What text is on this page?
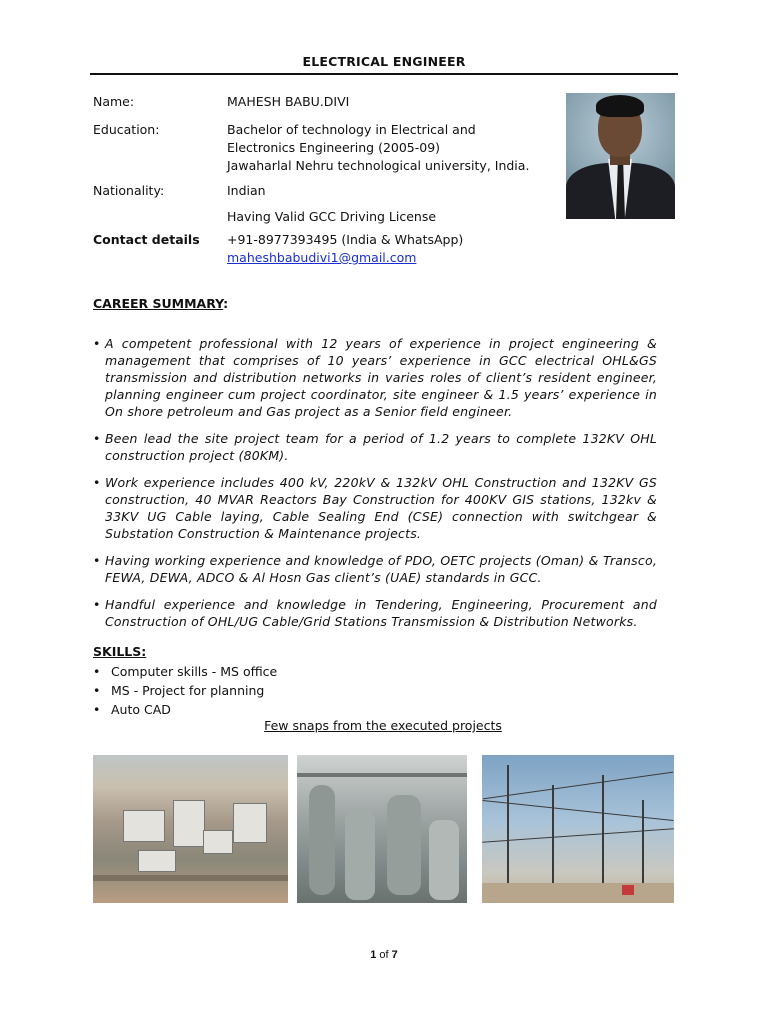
ELECTRICAL ENGINEER
Name:	MAHESH BABU.DIVI
Education:	Bachelor of technology in Electrical and
Electronics Engineering (2005-09)
Jawaharlal Nehru technological university, India.
Nationality:	Indian
Having Valid GCC Driving License
Contact details	+91-8977393495 (India & WhatsApp)
maheshbabudivi1@gmail.com
CAREER SUMMARY:
• A competent professional with 12 years of experience in project engineering & management that comprises of 10 years’ experience in GCC electrical OHL&GS transmission and distribution networks in varies roles of client’s resident engineer, planning engineer cum project coordinator, site engineer & 1.5 years’ experience in On shore petroleum and Gas project as a Senior field engineer.
• Been lead the site project team for a period of 1.2 years to complete 132KV OHL construction project (80KM).
• Work experience includes 400 kV, 220kV & 132kV OHL Construction and 132KV GS construction, 40 MVAR Reactors Bay Construction for 400KV GIS stations, 132kv & 33KV UG Cable laying, Cable Sealing End (CSE) connection with switchgear & Substation Construction & Maintenance projects.
• Having working experience and knowledge of PDO, OETC projects (Oman) & Transco, FEWA, DEWA, ADCO & Al Hosn Gas client’s (UAE) standards in GCC.
• Handful experience and knowledge in Tendering, Engineering, Procurement and Construction of OHL/UG Cable/Grid Stations Transmission & Distribution Networks.
SKILLS:
• Computer skills - MS office
• MS - Project for planning
• Auto CAD
Few snaps from the executed projects
1 of 7
